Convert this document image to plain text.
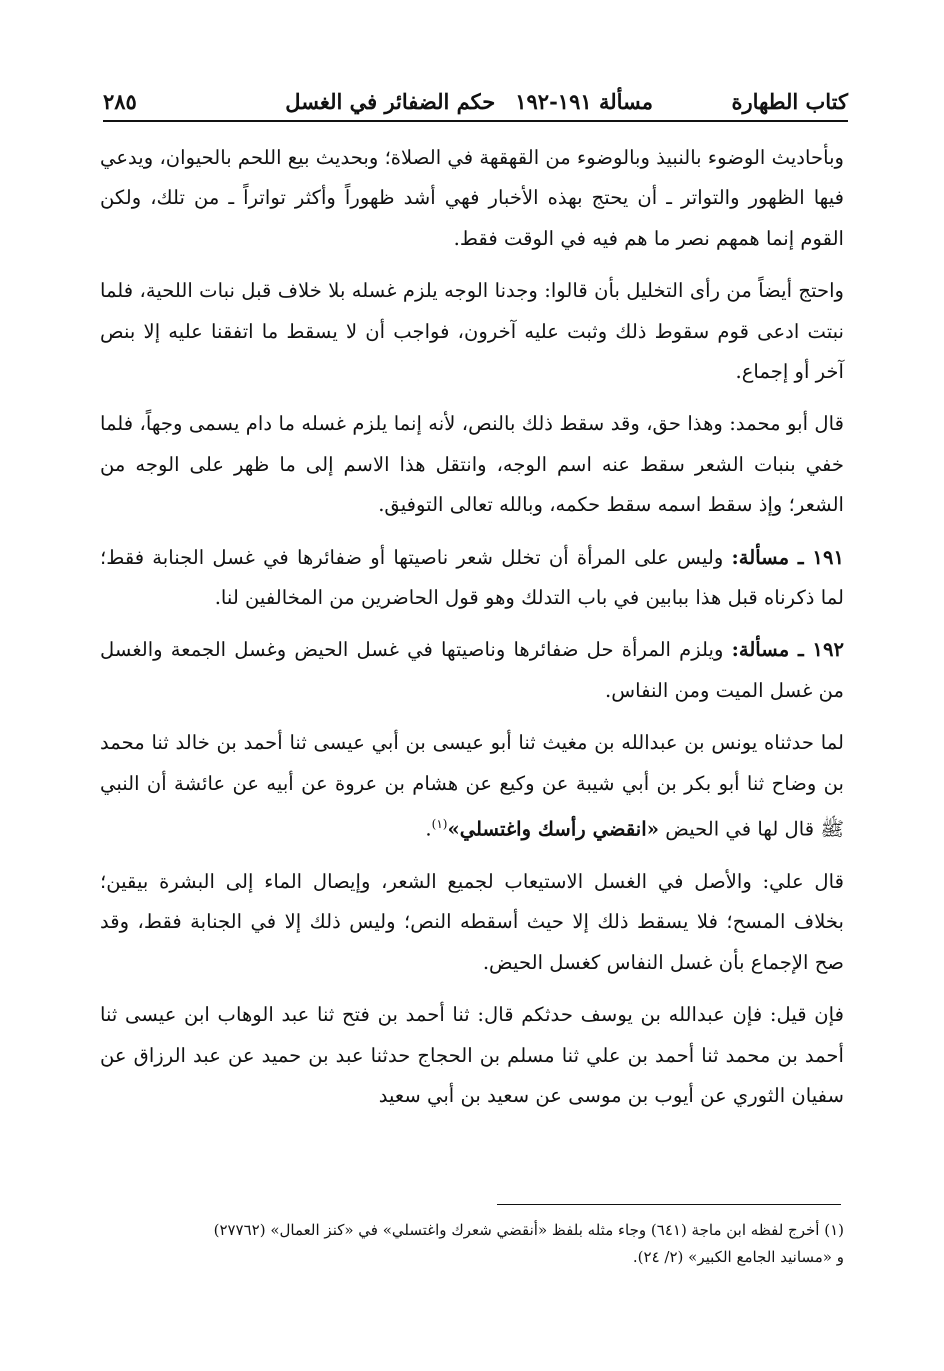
كتاب الطهارة
مسألة ١٩١-١٩٢حكم الضفائر في الغسل
٢٨٥

وبأحاديث الوضوء بالنبيذ وبالوضوء من القهقهة في الصلاة؛ وبحديث بيع اللحم بالحيوان، ويدعي فيها الظهور والتواتر ـ أن يحتج بهذه الأخبار فهي أشد ظهوراً وأكثر تواتراً ـ من تلك، ولكن القوم إنما همهم نصر ما هم فيه في الوقت فقط.

واحتج أيضاً من رأى التخليل بأن قالوا: وجدنا الوجه يلزم غسله بلا خلاف قبل نبات اللحية، فلما نبتت ادعى قوم سقوط ذلك وثبت عليه آخرون، فواجب أن لا يسقط ما اتفقنا عليه إلا بنص آخر أو إجماع.

قال أبو محمد: وهذا حق، وقد سقط ذلك بالنص، لأنه إنما يلزم غسله ما دام يسمى وجهاً، فلما خفي بنبات الشعر سقط عنه اسم الوجه، وانتقل هذا الاسم إلى ما ظهر على الوجه من الشعر؛ وإذ سقط اسمه سقط حكمه، وبالله تعالى التوفيق.

١٩١ ـ مسألة: وليس على المرأة أن تخلل شعر ناصيتها أو ضفائرها في غسل الجنابة فقط؛ لما ذكرناه قبل هذا ببابين في باب التدلك وهو قول الحاضرين من المخالفين لنا.

١٩٢ ـ مسألة: ويلزم المرأة حل ضفائرها وناصيتها في غسل الحيض وغسل الجمعة والغسل من غسل الميت ومن النفاس.

لما حدثناه يونس بن عبدالله بن مغيث ثنا أبو عيسى بن أبي عيسى ثنا أحمد بن خالد ثنا محمد بن وضاح ثنا أبو بكر بن أبي شيبة عن وكيع عن هشام بن عروة عن أبيه عن عائشة أن النبي ﷺ قال لها في الحيض «انقضي رأسك واغتسلي»$^{(١)}$.

قال علي: والأصل في الغسل الاستيعاب لجميع الشعر، وإيصال الماء إلى البشرة بيقين؛ بخلاف المسح؛ فلا يسقط ذلك إلا حيث أسقطه النص؛ وليس ذلك إلا في الجنابة فقط، وقد صح الإجماع بأن غسل النفاس كغسل الحيض.

فإن قيل: فإن عبدالله بن يوسف حدثكم قال: ثنا أحمد بن فتح ثنا عبد الوهاب ابن عيسى ثنا أحمد بن محمد ثنا أحمد بن علي ثنا مسلم بن الحجاج حدثنا عبد بن حميد عن عبد الرزاق عن سفيان الثوري عن أيوب بن موسى عن سعيد بن أبي سعيد

(١) أخرج لفظه ابن ماجة (٦٤١) وجاء مثله بلفظ «أنقضي شعرك واغتسلي» في «كنز العمال» (٢٧٧٦٢)

و «مسانيد الجامع الكبير» (٢/ ٢٤).
